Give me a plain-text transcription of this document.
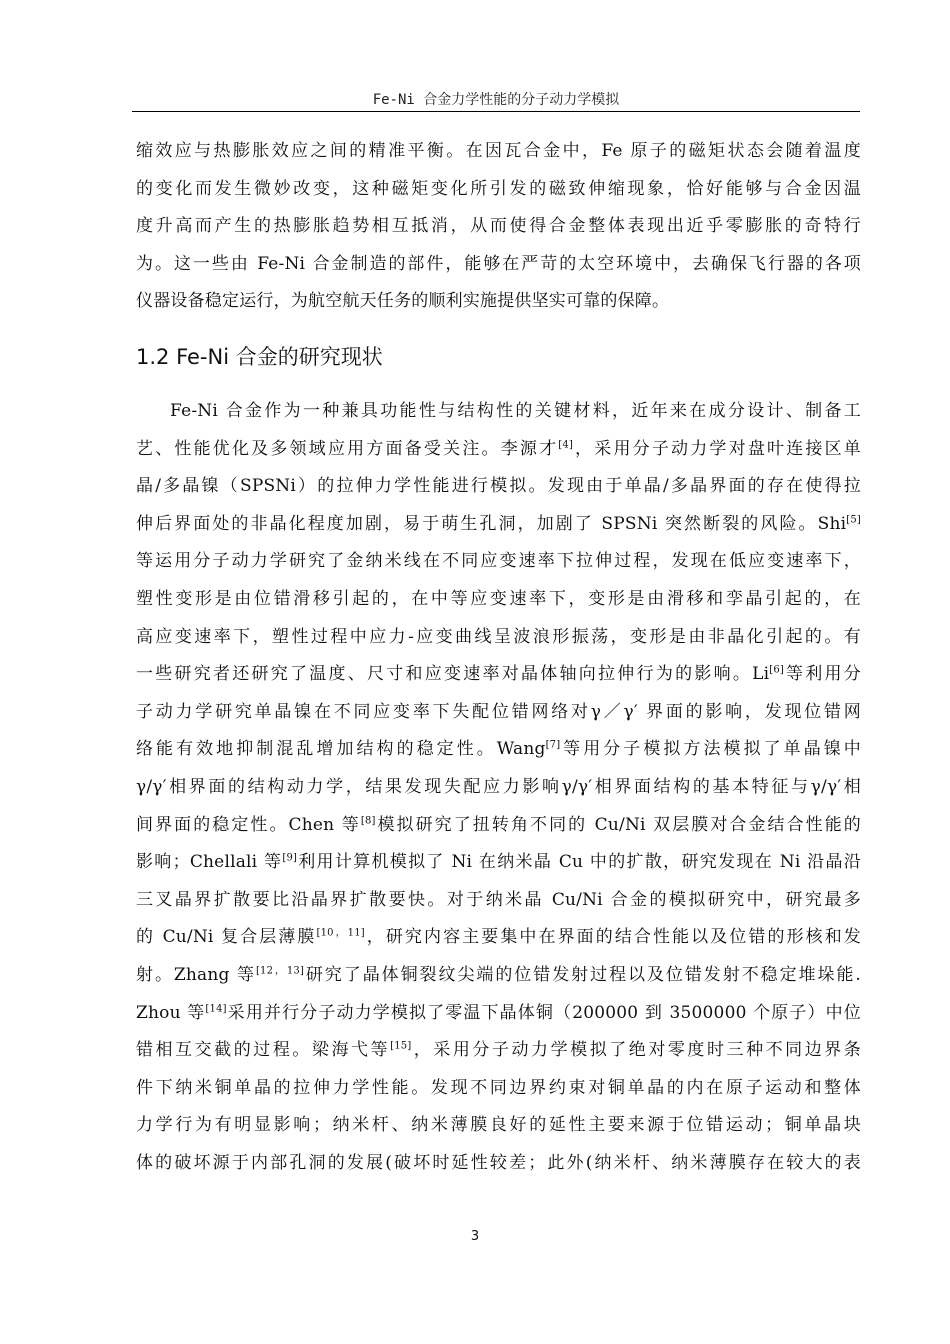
Fe-Ni 合金力学性能的分子动力学模拟
缩效应与热膨胀效应之间的精准平衡。在因瓦合金中，Fe 原子的磁矩状态会随着温度
的变化而发生微妙改变，这种磁矩变化所引发的磁致伸缩现象，恰好能够与合金因温
度升高而产生的热膨胀趋势相互抵消，从而使得合金整体表现出近乎零膨胀的奇特行
为。这一些由 Fe-Ni 合金制造的部件，能够在严苛的太空环境中，去确保飞行器的各项
仪器设备稳定运行，为航空航天任务的顺利实施提供坚实可靠的保障。
1.2 Fe-Ni 合金的研究现状
Fe-Ni 合金作为一种兼具功能性与结构性的关键材料，近年来在成分设计、制备工
艺、性能优化及多领域应用方面备受关注。李源才[4]，采用分子动力学对盘叶连接区单
晶/多晶镍（SPSNi）的拉伸力学性能进行模拟。发现由于单晶/多晶界面的存在使得拉
伸后界面处的非晶化程度加剧，易于萌生孔洞，加剧了 SPSNi 突然断裂的风险。Shi[5]
等运用分子动力学研究了金纳米线在不同应变速率下拉伸过程，发现在低应变速率下，
塑性变形是由位错滑移引起的，在中等应变速率下，变形是由滑移和孪晶引起的，在
高应变速率下，塑性过程中应力-应变曲线呈波浪形振荡，变形是由非晶化引起的。有
一些研究者还研究了温度、尺寸和应变速率对晶体轴向拉伸行为的影响。Li[6]等利用分
子动力学研究单晶镍在不同应变率下失配位错网络对γ／γ′ 界面的影响，发现位错网
络能有效地抑制混乱增加结构的稳定性。Wang[7]等用分子模拟方法模拟了单晶镍中
γ/γ′相界面的结构动力学，结果发现失配应力影响γ/γ′相界面结构的基本特征与γ/γ′相
间界面的稳定性。Chen 等[8]模拟研究了扭转角不同的 Cu/Ni 双层膜对合金结合性能的
影响；Chellali 等[9]利用计算机模拟了 Ni 在纳米晶 Cu 中的扩散，研究发现在 Ni 沿晶沿
三叉晶界扩散要比沿晶界扩散要快。对于纳米晶 Cu/Ni 合金的模拟研究中，研究最多
的 Cu/Ni 复合层薄膜[10，11]，研究内容主要集中在界面的结合性能以及位错的形核和发
射。Zhang 等[12，13]研究了晶体铜裂纹尖端的位错发射过程以及位错发射不稳定堆垛能.
Zhou 等[14]采用并行分子动力学模拟了零温下晶体铜（200000 到 3500000 个原子）中位
错相互交截的过程。梁海弋等[15]，采用分子动力学模拟了绝对零度时三种不同边界条
件下纳米铜单晶的拉伸力学性能。发现不同边界约束对铜单晶的内在原子运动和整体
力学行为有明显影响；纳米杆、纳米薄膜良好的延性主要来源于位错运动；铜单晶块
体的破坏源于内部孔洞的发展(破坏时延性较差；此外(纳米杆、纳米薄膜存在较大的表
3
